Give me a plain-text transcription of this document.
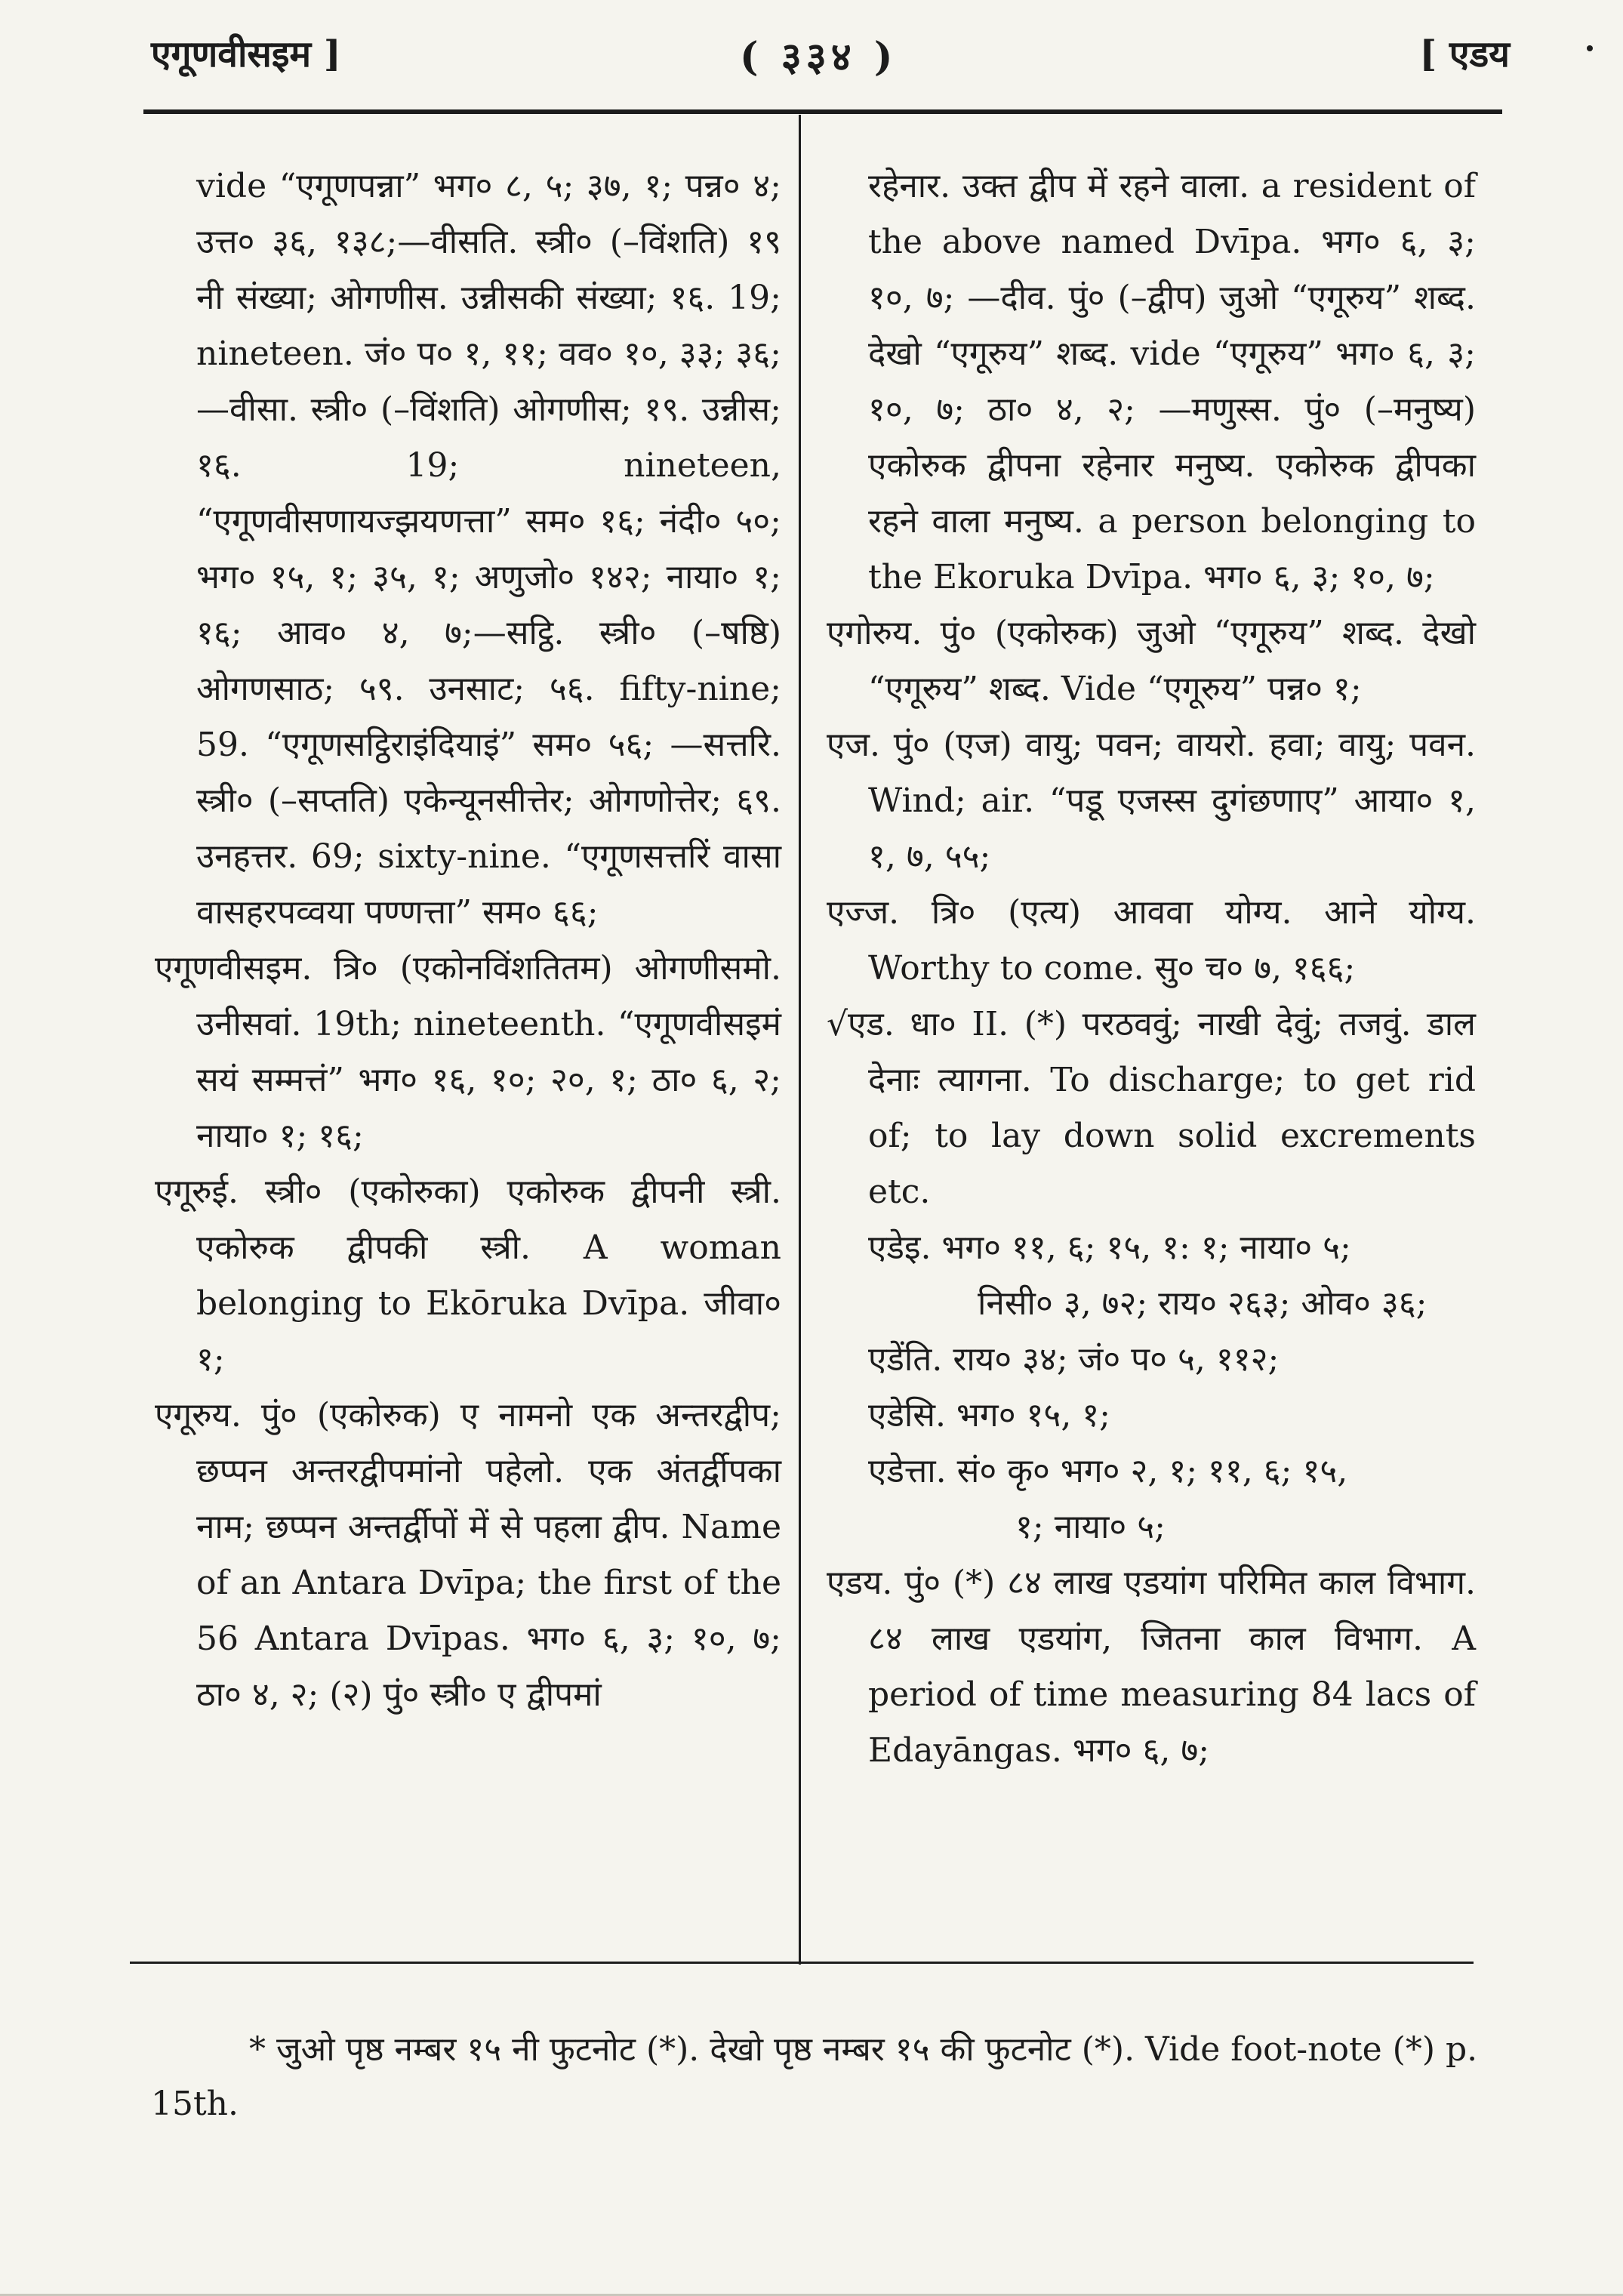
एगूणवीसइम ]	( ३३४ )	[ एडय

vide “एगूणपन्ना” भग० ८, ५; ३७, १; पन्न० ४; उत्त० ३६, १३८;—वीसति. स्त्री० (–विंशति) १९ नी संख्या; ओगणीस. उन्नीसकी संख्या; १६. 19; nineteen. जं० प० १, ११; वव० १०, ३३; ३६;—वीसा. स्त्री० (–विंशति) ओगणीस; १९. उन्नीस; १६. 19; nineteen, “एगूणवीसणायज्झयणत्ता” सम० १६; नंदी० ५०; भग० १५, १; ३५, १; अणुजो० १४२; नाया० १; १६; आव० ४, ७;—सट्ठि. स्त्री० (–षष्ठि) ओगणसाठ; ५९. उनसाट; ५६. fifty-nine; 59. “एगूणसट्ठिराइंदियाइं” सम० ५६; —सत्तरि. स्त्री० (–सप्तति) एकेन्यूनसीत्तेर; ओगणोत्तेर; ६९. उनहत्तर. 69; sixty-nine. “एगूणसत्तरिं वासा वासहरपव्वया पण्णत्ता” सम० ६६;

एगूणवीसइम. त्रि० (एकोनविंशतितम) ओगणीसमो. उनीसवां. 19th; nineteenth. “एगूणवीसइमं सयं सम्मत्तं” भग० १६, १०; २०, १; ठा० ६, २; नाया० १; १६;

एगूरुई. स्त्री० (एकोरुका) एकोरुक द्वीपनी स्त्री. एकोरुक द्वीपकी स्त्री. A woman belonging to Ekōruka Dvīpa. जीवा० १;

एगूरुय. पुं० (एकोरुक) ए नामनो एक अन्तरद्वीप; छप्पन अन्तरद्वीपमांनो पहेलो. एक अंतर्द्वीपका नाम; छप्पन अन्तर्द्वीपों में से पहला द्वीप. Name of an Antara Dvīpa; the first of the 56 Antara Dvīpas. भग० ६, ३; १०, ७; ठा० ४, २; (२) पुं० स्त्री० ए द्वीपमां

रहेनार. उक्त द्वीप में रहने वाला. a resident of the above named Dvīpa. भग० ६, ३; १०, ७; —दीव. पुं० (–द्वीप) जुओ “एगूरुय” शब्द. देखो “एगूरुय” शब्द. vide “एगूरुय” भग० ६, ३; १०, ७; ठा० ४, २; —मणुस्स. पुं० (–मनुष्य) एकोरुक द्वीपना रहेनार मनुष्य. एकोरुक द्वीपका रहने वाला मनुष्य. a person belonging to the Ekoruka Dvīpa. भग० ६, ३; १०, ७;

एगोरुय. पुं० (एकोरुक) जुओ “एगूरुय” शब्द. देखो “एगूरुय” शब्द. Vide “एगूरुय” पन्न० १;

एज. पुं० (एज) वायु; पवन; वायरो. हवा; वायु; पवन. Wind; air. “पडू एजस्स दुगंछणाए” आया० १, १, ७, ५५;

एज्ज. त्रि० (एत्य) आववा योग्य. आने योग्य. Worthy to come. सु० च० ७, १६६;

√एड. धा० II. (*) परठववुं; नाखी देवुं; तजवुं. डाल देनाः त्यागना. To discharge; to get rid of; to lay down solid excrements etc.

एडेइ. भग० ११, ६; १५, १: १; नाया० ५;

निसी० ३, ७२; राय० २६३; ओव० ३६;

एडेंति. राय० ३४; जं० प० ५, ११२;

एडेसि. भग० १५, १;

एडेत्ता. सं० कृ० भग० २, १; ११, ६; १५,

१; नाया० ५;

एडय. पुं० (*) ८४ लाख एडयांग परिमित काल विभाग. ८४ लाख एडयांग, जितना काल विभाग. A period of time measuring 84 lacs of Edayāngas. भग० ६, ७;

* जुओ पृष्ठ नम्बर १५ नी फुटनोट (*). देखो पृष्ठ नम्बर १५ की फुटनोट (*). Vide foot-note (*) p. 15th.
